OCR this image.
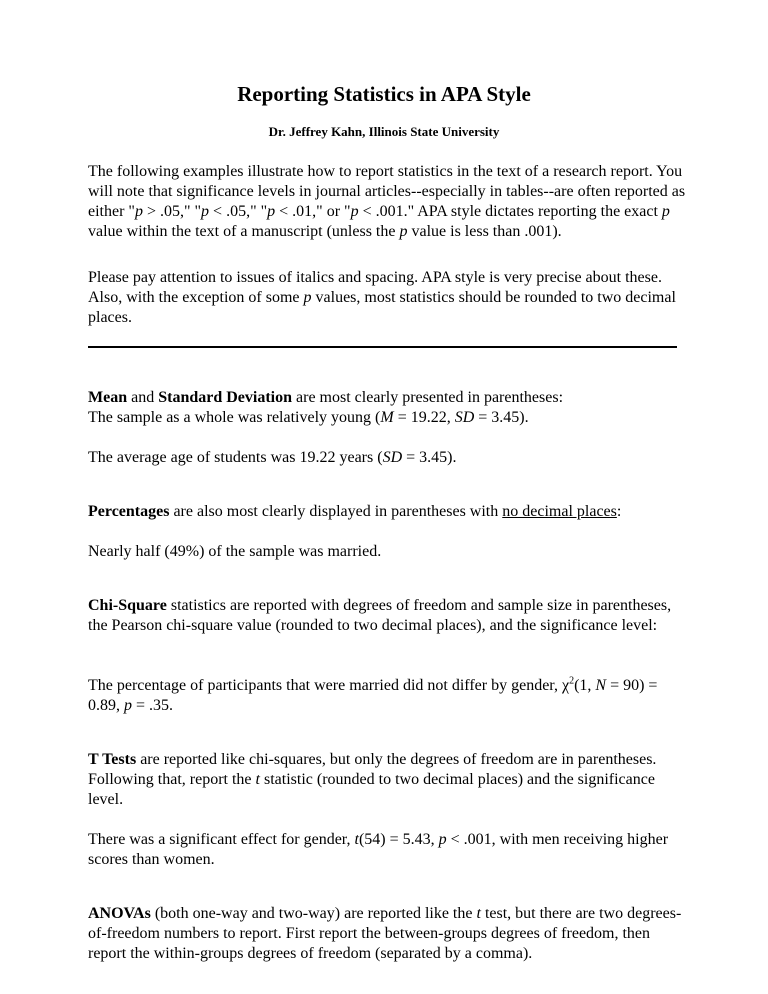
Reporting Statistics in APA Style

Dr. Jeffrey Kahn, Illinois State University

The following examples illustrate how to report statistics in the text of a research report. You will note that significance levels in journal articles--especially in tables--are often reported as either "p > .05," "p < .05," "p < .01," or "p < .001." APA style dictates reporting the exact p value within the text of a manuscript (unless the p value is less than .001).

Please pay attention to issues of italics and spacing. APA style is very precise about these. Also, with the exception of some p values, most statistics should be rounded to two decimal places.

Mean and Standard Deviation are most clearly presented in parentheses:
The sample as a whole was relatively young (M = 19.22, SD = 3.45).

The average age of students was 19.22 years (SD = 3.45).

Percentages are also most clearly displayed in parentheses with no decimal places:

Nearly half (49%) of the sample was married.

Chi-Square statistics are reported with degrees of freedom and sample size in parentheses, the Pearson chi-square value (rounded to two decimal places), and the significance level:

The percentage of participants that were married did not differ by gender, $\chi^2(1$, N = 90) = 0.89, p = .35.

T Tests are reported like chi-squares, but only the degrees of freedom are in parentheses. Following that, report the t statistic (rounded to two decimal places) and the significance level.

There was a significant effect for gender, t(54) = 5.43, p < .001, with men receiving higher scores than women.

ANOVAs (both one-way and two-way) are reported like the t test, but there are two degrees-of-freedom numbers to report. First report the between-groups degrees of freedom, then report the within-groups degrees of freedom (separated by a comma).
